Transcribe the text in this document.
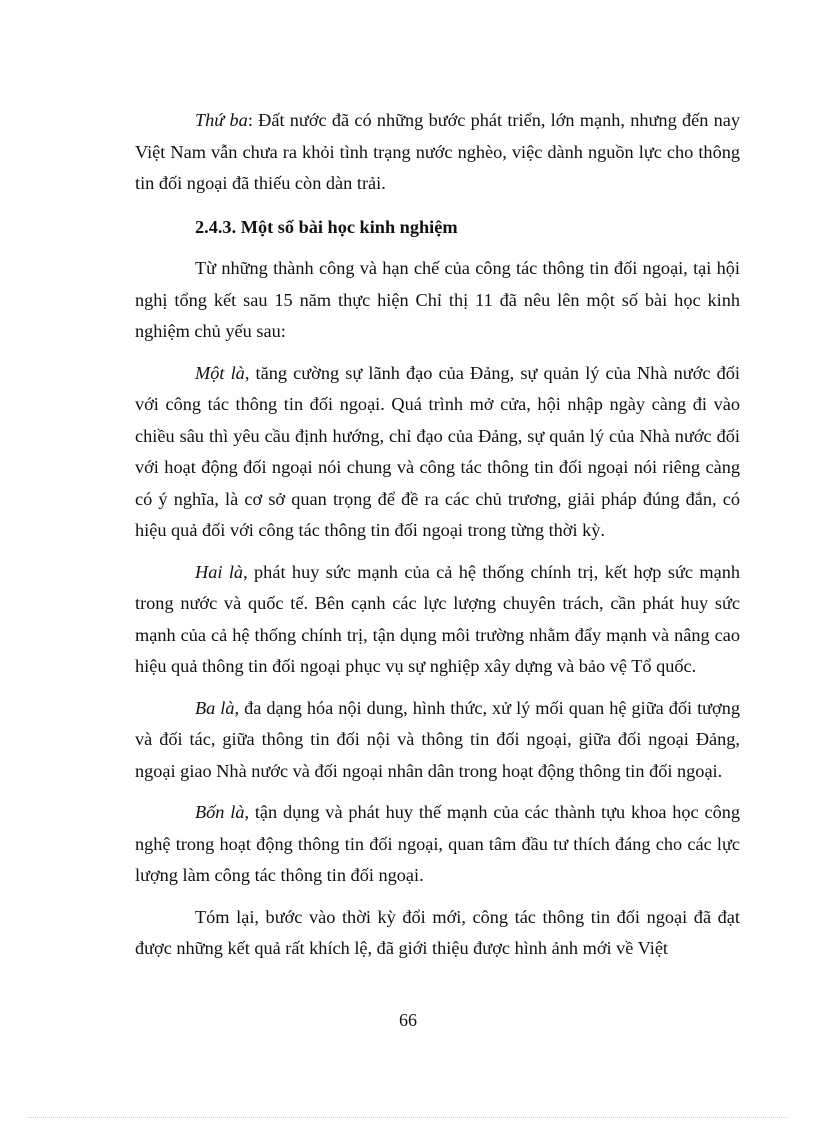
Thứ ba: Đất nước đã có những bước phát triển, lớn mạnh, nhưng đến nay Việt Nam vẫn chưa ra khỏi tình trạng nước nghèo, việc dành nguồn lực cho thông tin đối ngoại đã thiếu còn dàn trải.

2.4.3. Một số bài học kinh nghiệm

Từ những thành công và hạn chế của công tác thông tin đối ngoại, tại hội nghị tổng kết sau 15 năm thực hiện Chỉ thị 11 đã nêu lên một số bài học kinh nghiệm chủ yếu sau:

Một là, tăng cường sự lãnh đạo của Đảng, sự quản lý của Nhà nước đối với công tác thông tin đối ngoại. Quá trình mở cửa, hội nhập ngày càng đi vào chiều sâu thì yêu cầu định hướng, chỉ đạo của Đảng, sự quản lý của Nhà nước đối với hoạt động đối ngoại nói chung và công tác thông tin đối ngoại nói riêng càng có ý nghĩa, là cơ sở quan trọng để đề ra các chủ trương, giải pháp đúng đắn, có hiệu quả đối với công tác thông tin đối ngoại trong từng thời kỳ.

Hai là, phát huy sức mạnh của cả hệ thống chính trị, kết hợp sức mạnh trong nước và quốc tế. Bên cạnh các lực lượng chuyên trách, cần phát huy sức mạnh của cả hệ thống chính trị, tận dụng môi trường nhằm đẩy mạnh và nâng cao hiệu quả thông tin đối ngoại phục vụ sự nghiệp xây dựng và bảo vệ Tổ quốc.

Ba là, đa dạng hóa nội dung, hình thức, xử lý mối quan hệ giữa đối tượng và đối tác, giữa thông tin đối nội và thông tin đối ngoại, giữa đối ngoại Đảng, ngoại giao Nhà nước và đối ngoại nhân dân trong hoạt động thông tin đối ngoại.

Bốn là, tận dụng và phát huy thế mạnh của các thành tựu khoa học công nghệ trong hoạt động thông tin đối ngoại, quan tâm đầu tư thích đáng cho các lực lượng làm công tác thông tin đối ngoại.

Tóm lại, bước vào thời kỳ đổi mới, công tác thông tin đối ngoại đã đạt được những kết quả rất khích lệ, đã giới thiệu được hình ảnh mới về Việt

66
